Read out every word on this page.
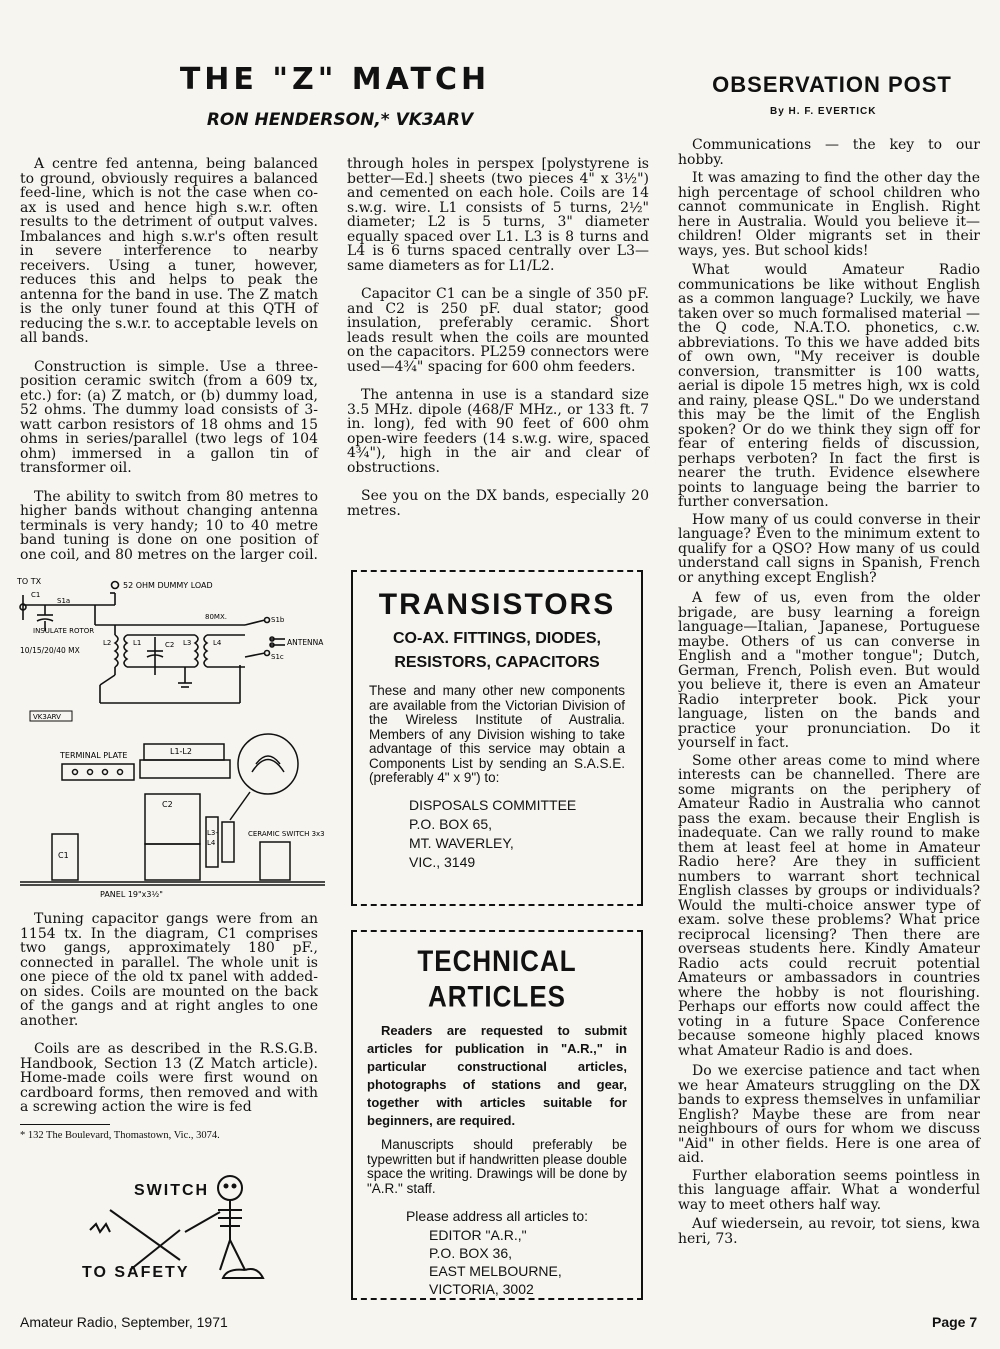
THE "Z" MATCH
RON HENDERSON,* VK3ARV

A centre fed antenna, being balanced to ground, obviously requires a balanced feed-line, which is not the case when co-ax is used and hence high s.w.r. often results to the detriment of output valves. Imbalances and high s.w.r's often result in severe interference to nearby receivers. Using a tuner, however, reduces this and helps to peak the antenna for the band in use. The Z match is the only tuner found at this QTH of reducing the s.w.r. to acceptable levels on all bands.

Construction is simple. Use a three-position ceramic switch (from a 609 tx, etc.) for: (a) Z match, or (b) dummy load, 52 ohms. The dummy load consists of 3-watt carbon resistors of 18 ohms and 15 ohms in series/parallel (two legs of 104 ohm) immersed in a gallon tin of transformer oil.

The ability to switch from 80 metres to higher bands without changing antenna terminals is very handy; 10 to 40 metre band tuning is done on one position of one coil, and 80 metres on the larger coil.

TO TX
C1
S1a
INSULATE ROTOR
10/15/20/40 MX
52 OHM DUMMY LOAD
80MX.	S1b
S1c
ANTENNA
L2	L1	C2 L3	L4
VK3ARV
TERMINAL PLATE	L1-L2
C2
L3-
L4
CERAMIC SWITCH 3x3
C1
PANEL 19"x3½"

Tuning capacitor gangs were from an 1154 tx. In the diagram, C1 comprises two gangs, approximately 180 pF., connected in parallel. The whole unit is one piece of the old tx panel with added-on sides. Coils are mounted on the back of the gangs and at right angles to one another.

Coils are as described in the R.S.G.B. Handbook, Section 13 (Z Match article). Home-made coils were first wound on cardboard forms, then removed and with a screwing action the wire is fed

* 132 The Boulevard, Thomastown, Vic., 3074.
SWITCH
TO SAFETY

through holes in perspex [polystyrene is better—Ed.] sheets (two pieces 4" x 3½") and cemented on each hole. Coils are 14 s.w.g. wire. L1 consists of 5 turns, 2½" diameter; L2 is 5 turns, 3" diameter equally spaced over L1. L3 is 8 turns and L4 is 6 turns spaced centrally over L3—same diameters as for L1/L2.

Capacitor C1 can be a single of 350 pF. and C2 is 250 pF. dual stator; good insulation, preferably ceramic. Short leads result when the coils are mounted on the capacitors. PL259 connectors were used—4¾" spacing for 600 ohm feeders.

The antenna in use is a standard size 3.5 MHz. dipole (468/F MHz., or 133 ft. 7 in. long), fed with 90 feet of 600 ohm open-wire feeders (14 s.w.g. wire, spaced 4¾"), high in the air and clear of obstructions.

See you on the DX bands, especially 20 metres.

TRANSISTORS
CO-AX. FITTINGS, DIODES,
RESISTORS, CAPACITORS

These and many other new components are available from the Victorian Division of the Wireless Institute of Australia. Members of any Division wishing to take advantage of this service may obtain a Components List by sending an S.A.S.E. (preferably 4" x 9") to:

DISPOSALS COMMITTEE
P.O. BOX 65,
MT. WAVERLEY,
VIC., 3149
TECHNICAL ARTICLES

Readers are requested to submit articles for publication in "A.R.," in particular constructional articles, photographs of stations and gear, together with articles suitable for beginners, are required.

Manuscripts should preferably be typewritten but if handwritten please double space the writing. Drawings will be done by "A.R." staff.

Please address all articles to:

EDITOR "A.R.,"
P.O. BOX 36,
EAST MELBOURNE,
VICTORIA, 3002
OBSERVATION POST
By H. F. EVERTICK

Communications — the key to our hobby.

It was amazing to find the other day the high percentage of school children who cannot communicate in English. Right here in Australia. Would you believe it—children! Older migrants set in their ways, yes. But school kids!

What would Amateur Radio communications be like without English as a common language? Luckily, we have taken over so much formalised material —the Q code, N.A.T.O. phonetics, c.w. abbreviations. To this we have added bits of own own, "My receiver is double conversion, transmitter is 100 watts, aerial is dipole 15 metres high, wx is cold and rainy, please QSL." Do we understand this may be the limit of the English spoken? Or do we think they sign off for fear of entering fields of discussion, perhaps verboten? In fact the first is nearer the truth. Evidence elsewhere points to language being the barrier to further conversation.

How many of us could converse in their language? Even to the minimum extent to qualify for a QSO? How many of us could understand call signs in Spanish, French or anything except English?

A few of us, even from the older brigade, are busy learning a foreign language—Italian, Japanese, Portuguese maybe. Others of us can converse in English and a "mother tongue"; Dutch, German, French, Polish even. But would you believe it, there is even an Amateur Radio interpreter book. Pick your language, listen on the bands and practice your pronunciation. Do it yourself in fact.

Some other areas come to mind where interests can be channelled. There are some migrants on the periphery of Amateur Radio in Australia who cannot pass the exam. because their English is inadequate. Can we rally round to make them at least feel at home in Amateur Radio here? Are they in sufficient numbers to warrant short technical English classes by groups or individuals? Would the multi-choice answer type of exam. solve these problems? What price reciprocal licensing? Then there are overseas students here. Kindly Amateur Radio acts could recruit potential Amateurs or ambassadors in countries where the hobby is not flourishing. Perhaps our efforts now could affect the voting in a future Space Conference because someone highly placed knows what Amateur Radio is and does.

Do we exercise patience and tact when we hear Amateurs struggling on the DX bands to express themselves in unfamiliar English? Maybe these are from near neighbours of ours for whom we discuss "Aid" in other fields. Here is one area of aid.

Further elaboration seems pointless in this language affair. What a wonderful way to meet others half way.

Auf wiedersein, au revoir, tot siens, kwa heri, 73.

Amateur Radio, September, 1971	Page 7
